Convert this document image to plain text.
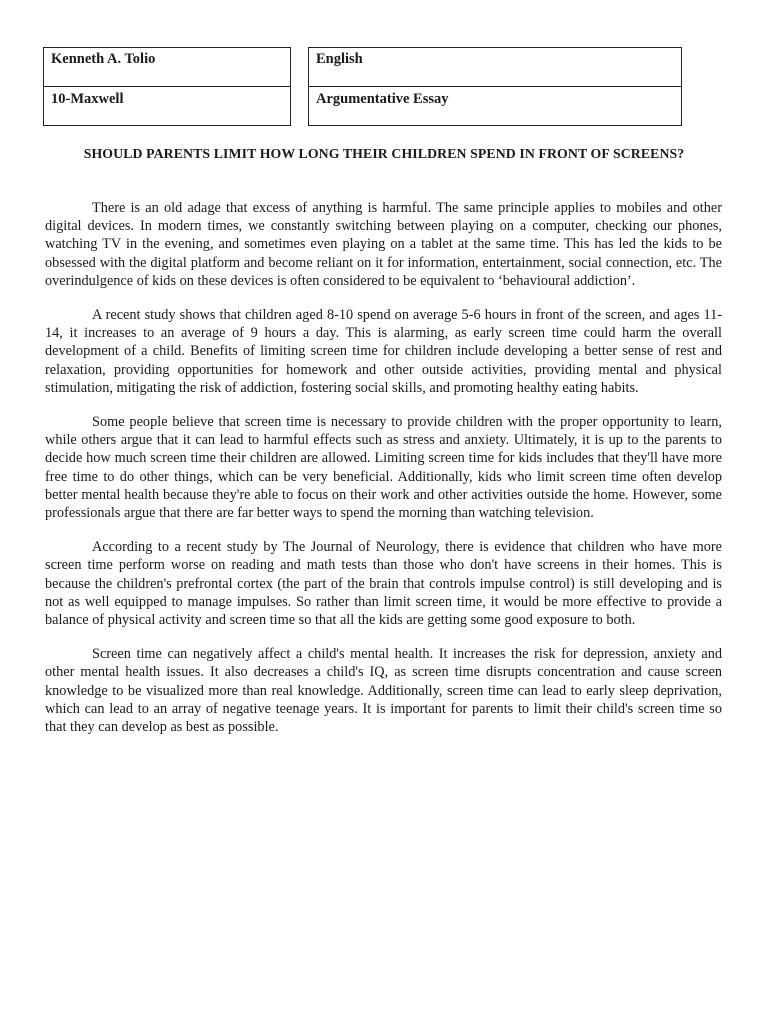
Kenneth A. Tolio
10-Maxwell
English
Argumentative Essay
SHOULD PARENTS LIMIT HOW LONG THEIR CHILDREN SPEND IN FRONT OF SCREENS?

There is an old adage that excess of anything is harmful. The same principle applies to mobiles and other digital devices. In modern times, we constantly switching between playing on a computer, checking our phones, watching TV in the evening, and sometimes even playing on a tablet at the same time. This has led the kids to be obsessed with the digital platform and become reliant on it for information, entertainment, social connection, etc. The overindulgence of kids on these devices is often considered to be equivalent to ‘behavioural addiction’.

A recent study shows that children aged 8-10 spend on average 5-6 hours in front of the screen, and ages 11-14, it increases to an average of 9 hours a day. This is alarming, as early screen time could harm the overall development of a child. Benefits of limiting screen time for children include developing a better sense of rest and relaxation, providing opportunities for homework and other outside activities, providing mental and physical stimulation, mitigating the risk of addiction, fostering social skills, and promoting healthy eating habits.

Some people believe that screen time is necessary to provide children with the proper opportunity to learn, while others argue that it can lead to harmful effects such as stress and anxiety. Ultimately, it is up to the parents to decide how much screen time their children are allowed. Limiting screen time for kids includes that they'll have more free time to do other things, which can be very beneficial. Additionally, kids who limit screen time often develop better mental health because they're able to focus on their work and other activities outside the home. However, some professionals argue that there are far better ways to spend the morning than watching television.

According to a recent study by The Journal of Neurology, there is evidence that children who have more screen time perform worse on reading and math tests than those who don't have screens in their homes. This is because the children's prefrontal cortex (the part of the brain that controls impulse control) is still developing and is not as well equipped to manage impulses. So rather than limit screen time, it would be more effective to provide a balance of physical activity and screen time so that all the kids are getting some good exposure to both.

Screen time can negatively affect a child's mental health. It increases the risk for depression, anxiety and other mental health issues. It also decreases a child's IQ, as screen time disrupts concentration and cause screen knowledge to be visualized more than real knowledge. Additionally, screen time can lead to early sleep deprivation, which can lead to an array of negative teenage years. It is important for parents to limit their child's screen time so that they can develop as best as possible.
